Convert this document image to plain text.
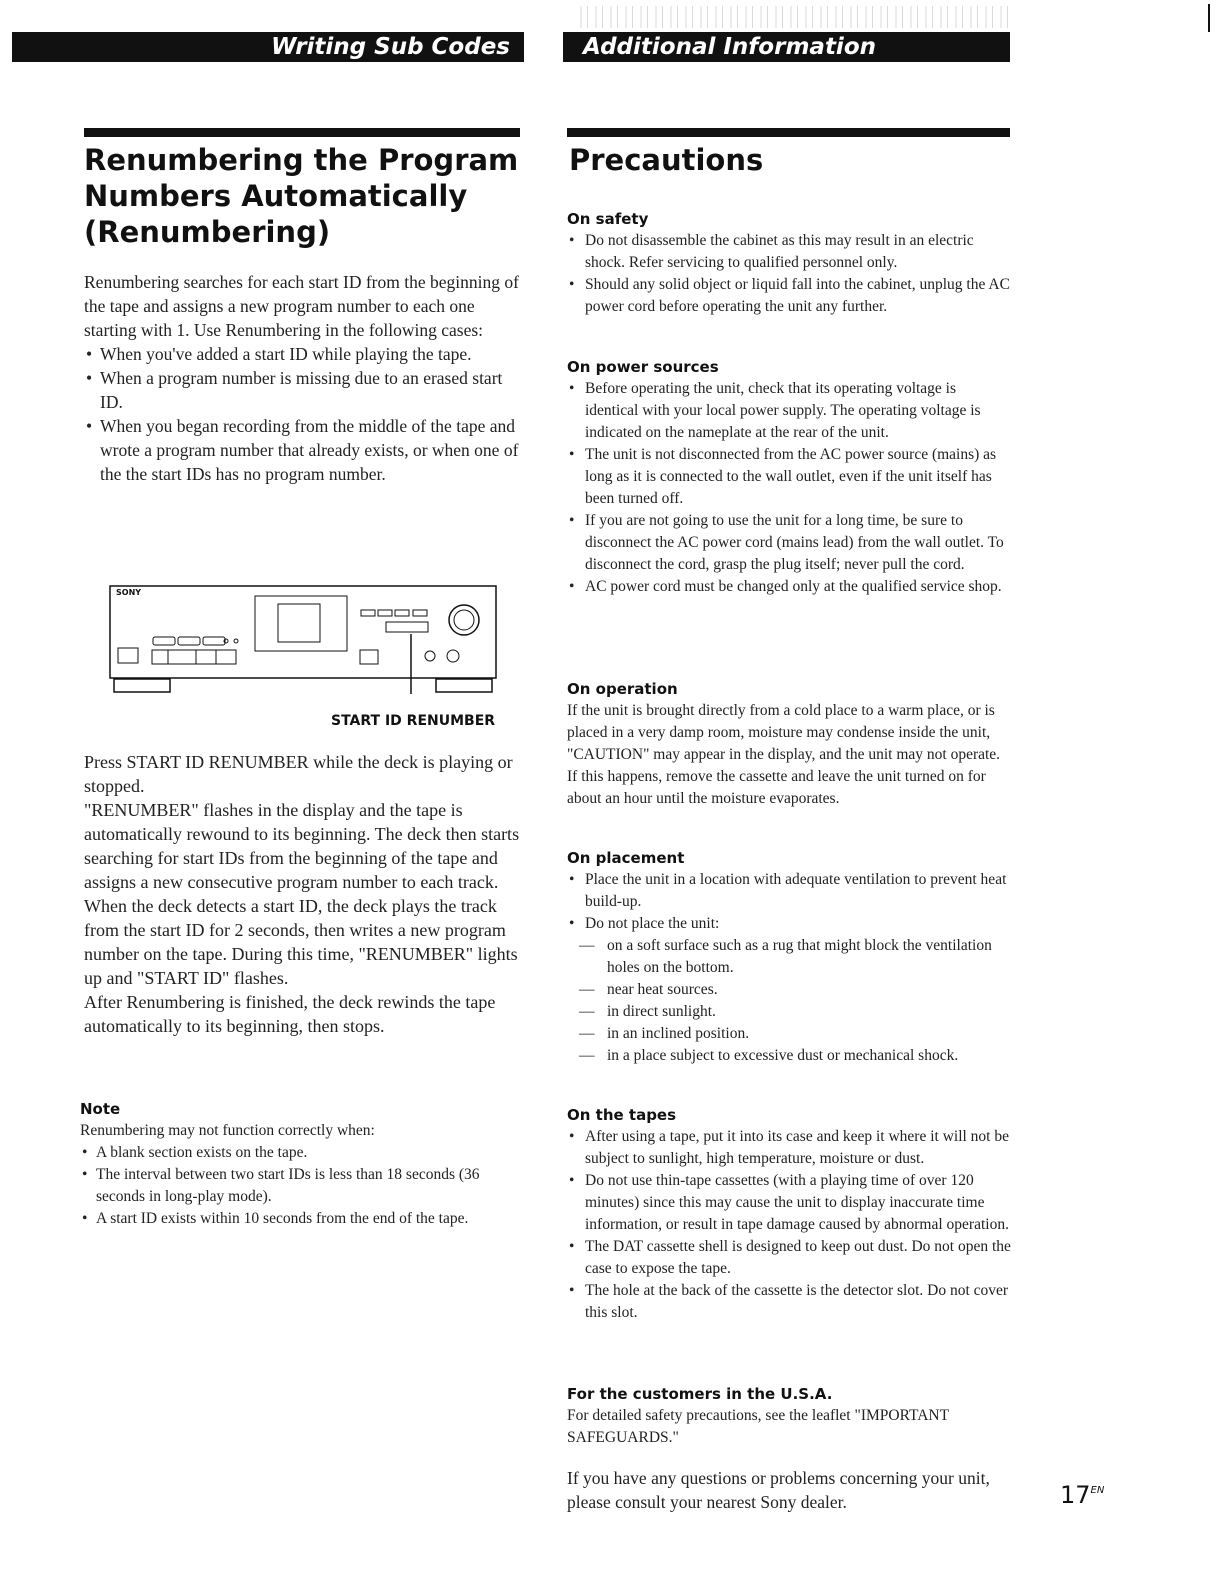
Writing Sub Codes	Additional Information
Renumbering the Program
Numbers Automatically
(Renumbering)

Renumbering searches for each start ID from the beginning of the tape and assigns a new program number to each one starting with 1. Use Renumbering in the following cases:

• When you've added a start ID while playing the tape.
• When a program number is missing due to an erased start ID.
• When you began recording from the middle of the tape and wrote a program number that already exists, or when one of the the start IDs has no program number.
SONY
START ID RENUMBER

Press START ID RENUMBER while the deck is playing or stopped.

"RENUMBER" flashes in the display and the tape is automatically rewound to its beginning. The deck then starts searching for start IDs from the beginning of the tape and assigns a new consecutive program number to each track. When the deck detects a start ID, the deck plays the track from the start ID for 2 seconds, then writes a new program number on the tape. During this time, "RENUMBER" lights up and "START ID" flashes.

After Renumbering is finished, the deck rewinds the tape automatically to its beginning, then stops.

Note

Renumbering may not function correctly when:

• A blank section exists on the tape.
• The interval between two start IDs is less than 18 seconds (36 seconds in long-play mode).
• A start ID exists within 10 seconds from the end of the tape.
Precautions

On safety

• Do not disassemble the cabinet as this may result in an electric shock. Refer servicing to qualified personnel only.
• Should any solid object or liquid fall into the cabinet, unplug the AC power cord before operating the unit any further.

On power sources

• Before operating the unit, check that its operating voltage is identical with your local power supply. The operating voltage is indicated on the nameplate at the rear of the unit.
• The unit is not disconnected from the AC power source (mains) as long as it is connected to the wall outlet, even if the unit itself has been turned off.
• If you are not going to use the unit for a long time, be sure to disconnect the AC power cord (mains lead) from the wall outlet. To disconnect the cord, grasp the plug itself; never pull the cord.
• AC power cord must be changed only at the qualified service shop.

On operation

If the unit is brought directly from a cold place to a warm place, or is placed in a very damp room, moisture may condense inside the unit, "CAUTION" may appear in the display, and the unit may not operate. If this happens, remove the cassette and leave the unit turned on for about an hour until the moisture evaporates.

On placement

• Place the unit in a location with adequate ventilation to prevent heat build-up.
• Do not place the unit:
— on a soft surface such as a rug that might block the ventilation holes on the bottom.
— near heat sources.
— in direct sunlight.
— in an inclined position.
— in a place subject to excessive dust or mechanical shock.

On the tapes

• After using a tape, put it into its case and keep it where it will not be subject to sunlight, high temperature, moisture or dust.
• Do not use thin-tape cassettes (with a playing time of over 120 minutes) since this may cause the unit to display inaccurate time information, or result in tape damage caused by abnormal operation.
• The DAT cassette shell is designed to keep out dust. Do not open the case to expose the tape.
• The hole at the back of the cassette is the detector slot. Do not cover this slot.

For the customers in the U.S.A.

For detailed safety precautions, see the leaflet "IMPORTANT SAFEGUARDS."

If you have any questions or problems concerning your unit, please consult your nearest Sony dealer.	$17^{EN}$
